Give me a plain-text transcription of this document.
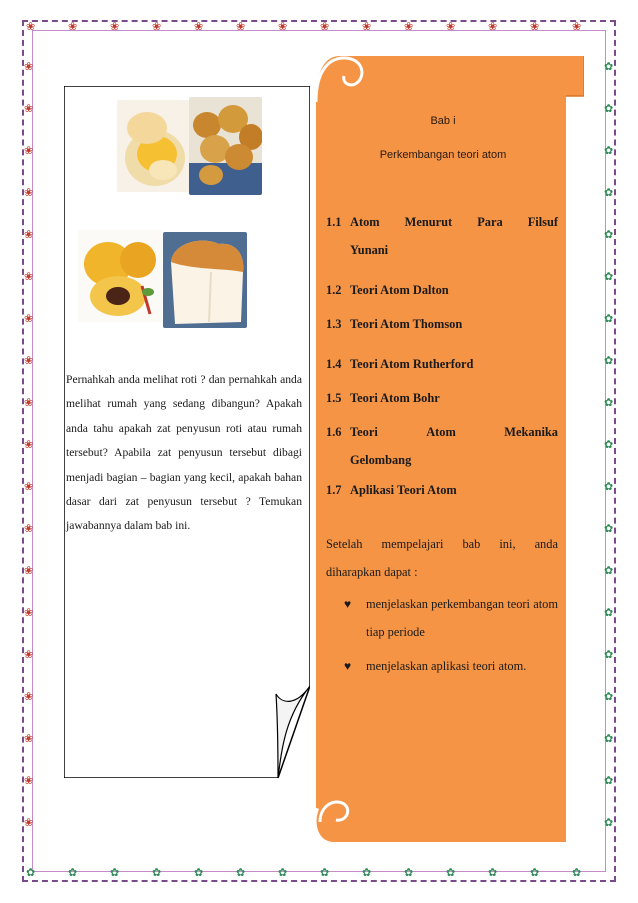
❀
✿
❀
✿
❀
✿
❀
✿
❀
✿
❀
✿
❀
✿
❀
✿
❀
✿
❀
✿
❀
✿
❀
✿
❀
✿
❀
✿
❀	✿
❀	✿
❀	✿
❀	✿
❀	✿
❀	✿
❀	✿
❀	✿
❀	✿
❀	✿
❀	✿
❀	✿
❀	✿
❀	✿
❀	✿
❀	✿
❀	✿
❀	✿
❀	✿

Pernahkah anda melihat roti ? dan pernahkah anda melihat rumah yang sedang dibangun? Apakah anda tahu apakah zat penyusun roti atau rumah tersebut? Apabila zat penyusun tersebut dibagi menjadi bagian – bagian yang kecil, apakah bahan dasar dari zat penyusun tersebut ? Temukan jawabannya dalam bab ini.

Bab i
Perkembangan teori atom
1.1 Atom Menurut Para Filsuf
Yunani
1.2 Teori Atom Dalton
1.3 Teori Atom Thomson
1.4 Teori Atom Rutherford
1.5 Teori Atom Bohr
1.6 Teori	Atom	Mekanika
Gelombang
1.7 Aplikasi Teori Atom
Setelah mempelajari bab ini, anda
diharapkan dapat :
♥ menjelaskan perkembangan teori atom tiap periode
♥ menjelaskan aplikasi teori atom.
